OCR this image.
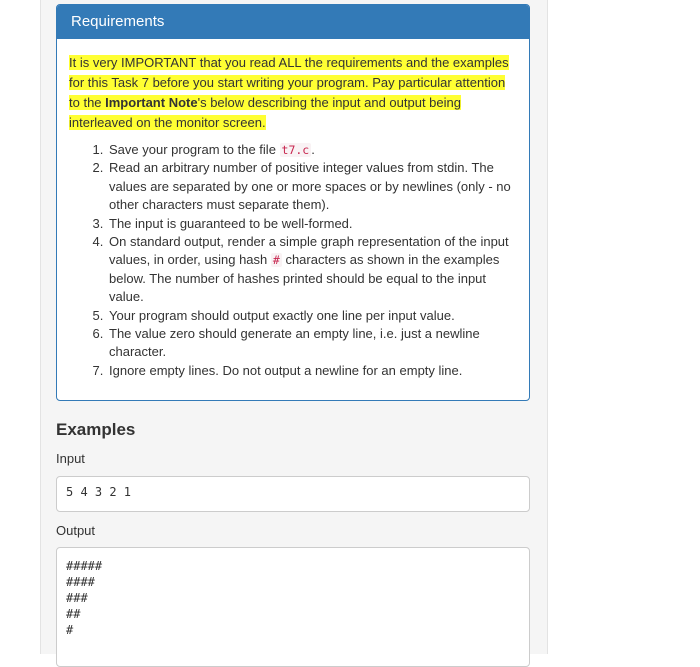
Requirements

It is very IMPORTANT that you read ALL the requirements and the examples for this Task 7 before you start writing your program. Pay particular attention to the Important Note's below describing the input and output being interleaved on the monitor screen.

1. Save your program to the file t7.c .
2. Read an arbitrary number of positive integer values from stdin. The values are separated by one or more spaces or by newlines (only - no other characters must separate them).
3. The input is guaranteed to be well-formed.
4. On standard output, render a simple graph representation of the input values, in order, using hash # characters as shown in the examples below. The number of hashes printed should be equal to the input value.
5. Your program should output exactly one line per input value.
6. The value zero should generate an empty line, i.e. just a newline character.
7. Ignore empty lines. Do not output a newline for an empty line.
Examples
Input
5 4 3 2 1
Output
#####
####
###
##
#
